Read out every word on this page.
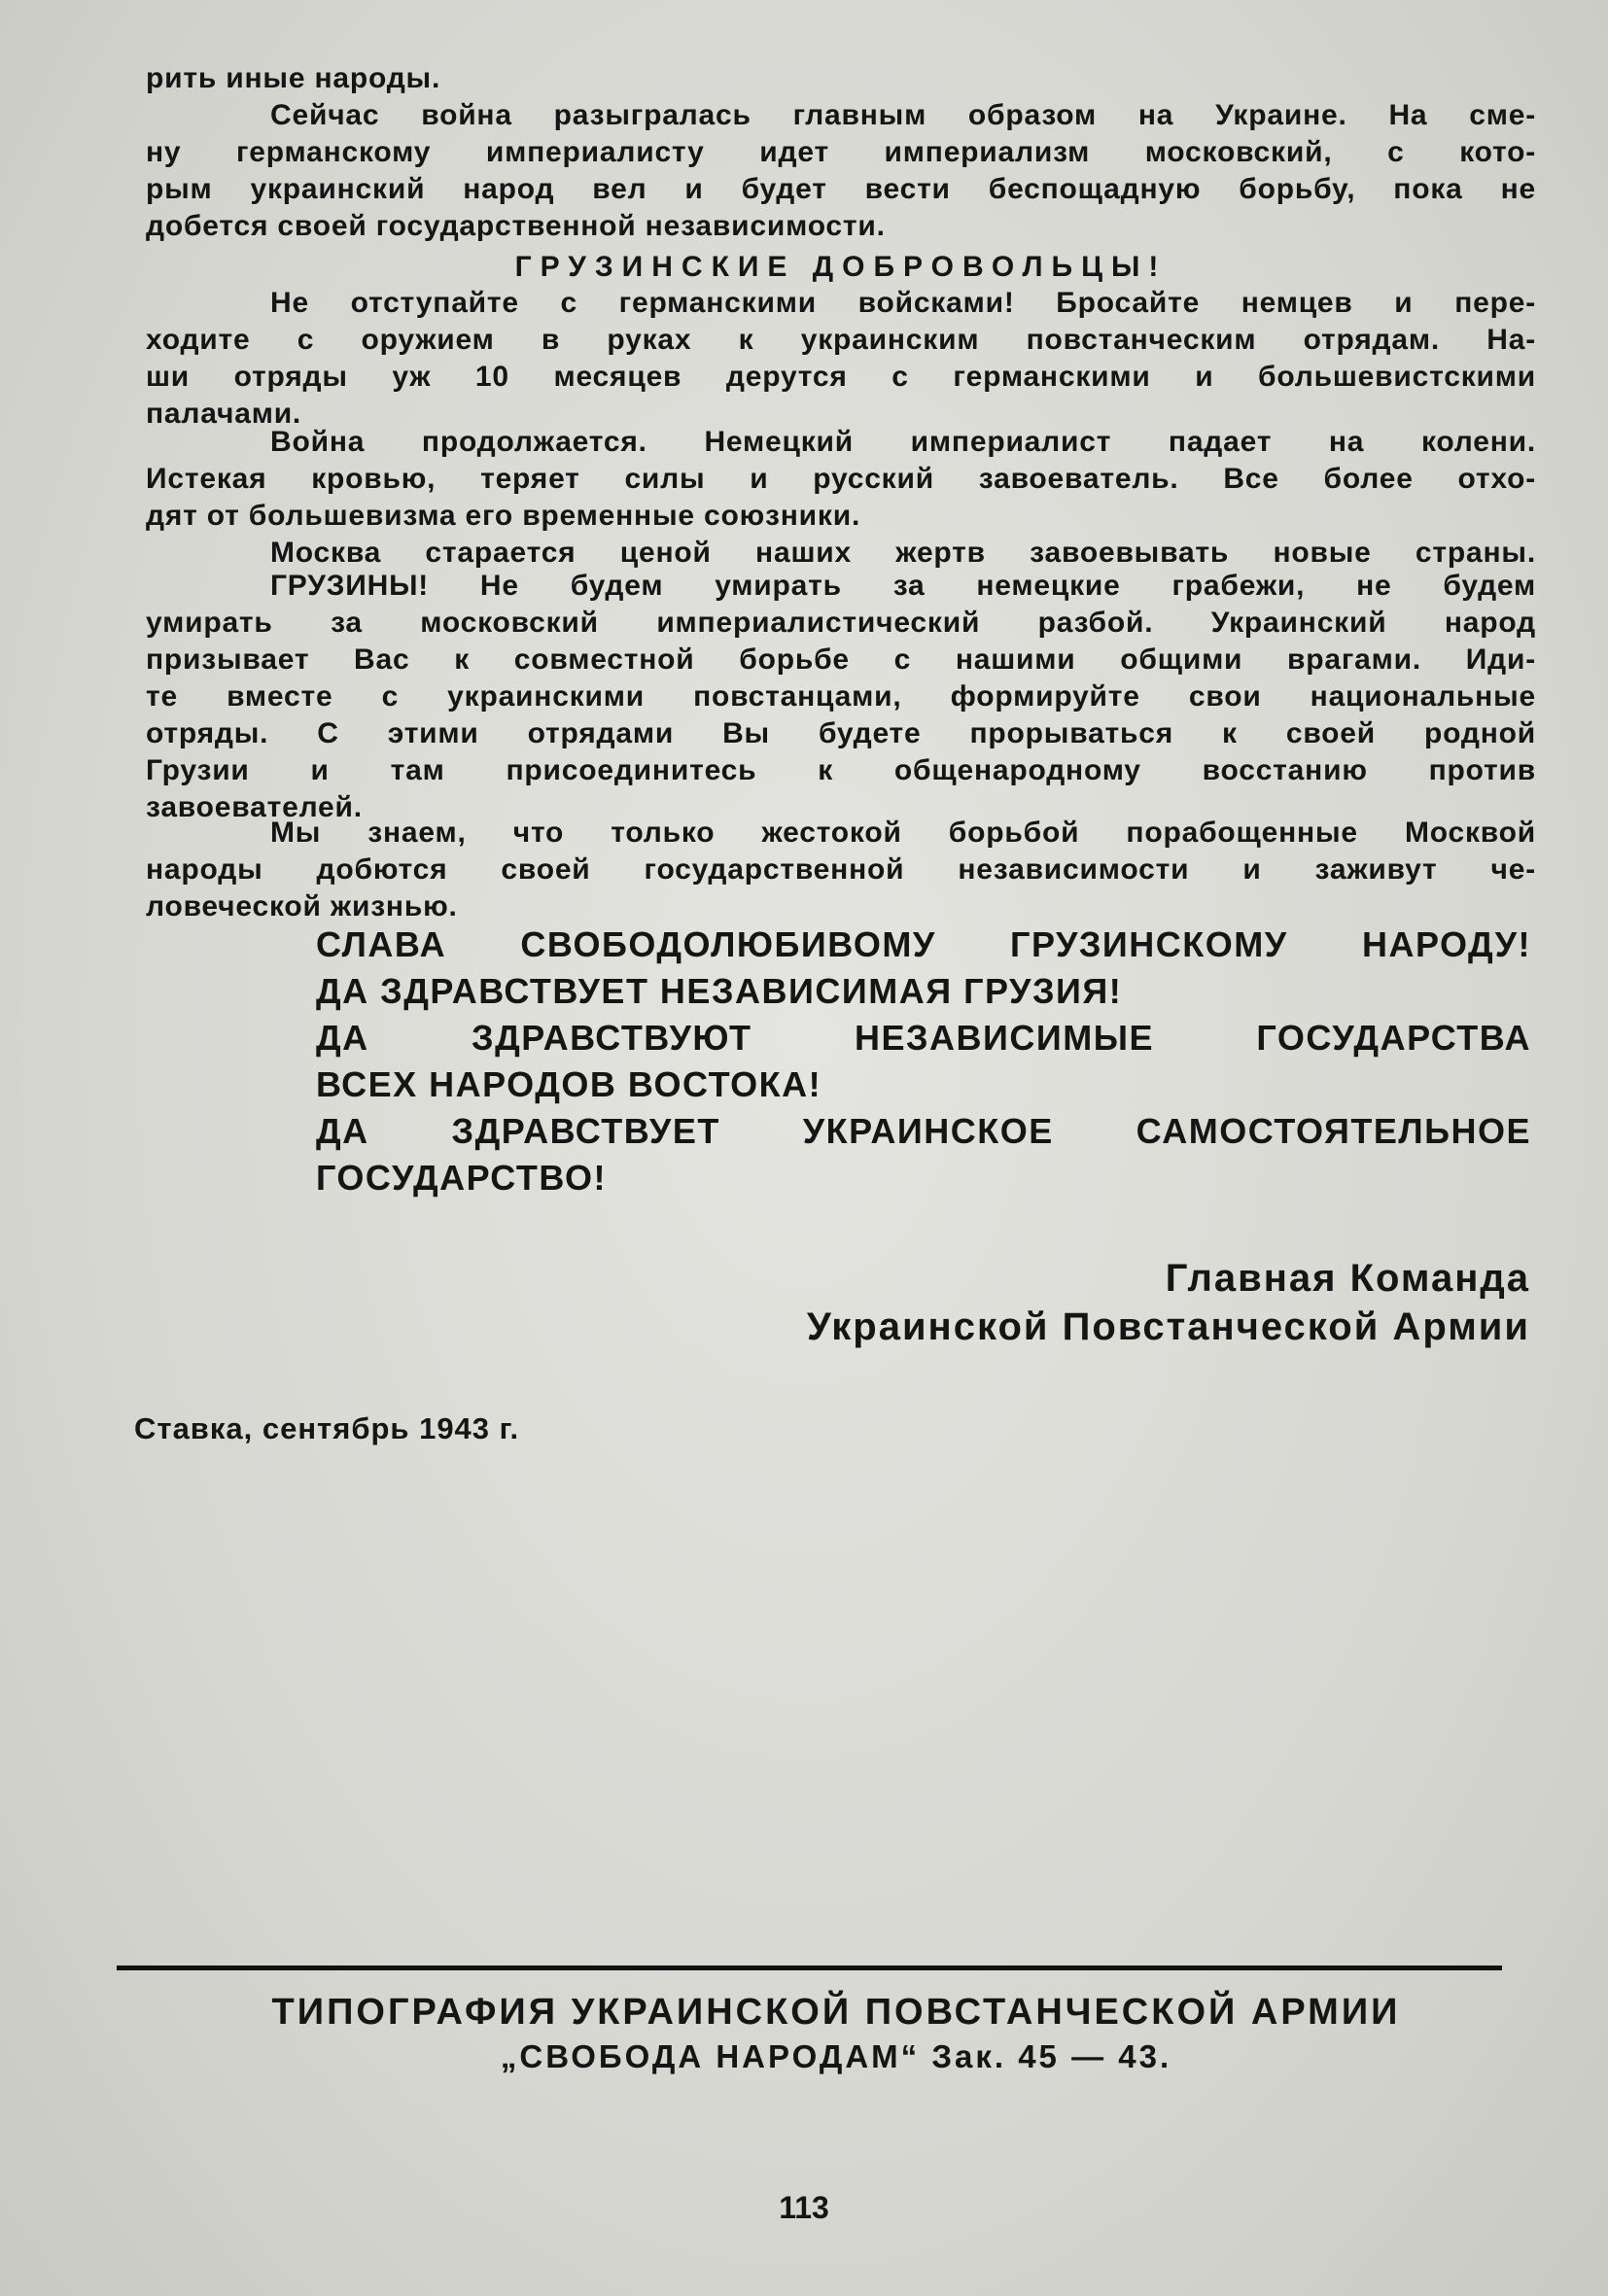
рить иные народы.
Сейчас война разыгралась главным образом на Украине. На сме-
ну германскому империалисту идет империализм московский, с кото-
рым украинский народ вел и будет вести беспощадную борьбу, пока не
добется своей государственной независимости.
ГРУЗИНСКИЕ ДОБРОВОЛЬЦЫ!
Не отступайте с германскими войсками! Бросайте немцев и пере-
ходите с оружием в руках к украинским повстанческим отрядам. На-
ши отряды уж 10 месяцев дерутся с германскими и большевистскими
палачами.
Война продолжается. Немецкий империалист падает на колени.
Истекая кровью, теряет силы и русский завоеватель. Все более отхо-
дят от большевизма его временные союзники.
Москва старается ценой наших жертв завоевывать новые страны.
ГРУЗИНЫ! Не будем умирать за немецкие грабежи, не будем
умирать за московский империалистический разбой. Украинский народ
призывает Вас к совместной борьбе с нашими общими врагами. Иди-
те вместе с украинскими повстанцами, формируйте свои национальные
отряды. С этими отрядами Вы будете прорываться к своей родной
Грузии и там присоединитесь к общенародному восстанию против
завоевателей.
Мы знаем, что только жестокой борьбой порабощенные Москвой
народы добются своей государственной независимости и заживут че-
ловеческой жизнью.
СЛАВА СВОБОДОЛЮБИВОМУ ГРУЗИНСКОМУ НАРОДУ!
ДА ЗДРАВСТВУЕТ НЕЗАВИСИМАЯ ГРУЗИЯ!
ДА ЗДРАВСТВУЮТ НЕЗАВИСИМЫЕ ГОСУДАРСТВА
ВСЕХ НАРОДОВ ВОСТОКА!
ДА ЗДРАВСТВУЕТ УКРАИНСКОЕ САМОСТОЯТЕЛЬНОЕ
ГОСУДАРСТВО!
Главная Команда
Украинской Повстанческой Армии
Ставка, сентябрь 1943 г.
ТИПОГРАФИЯ УКРАИНСКОЙ ПОВСТАНЧЕСКОЙ АРМИИ
„СВОБОДА НАРОДАМ“ Зак. 45 — 43.
113
